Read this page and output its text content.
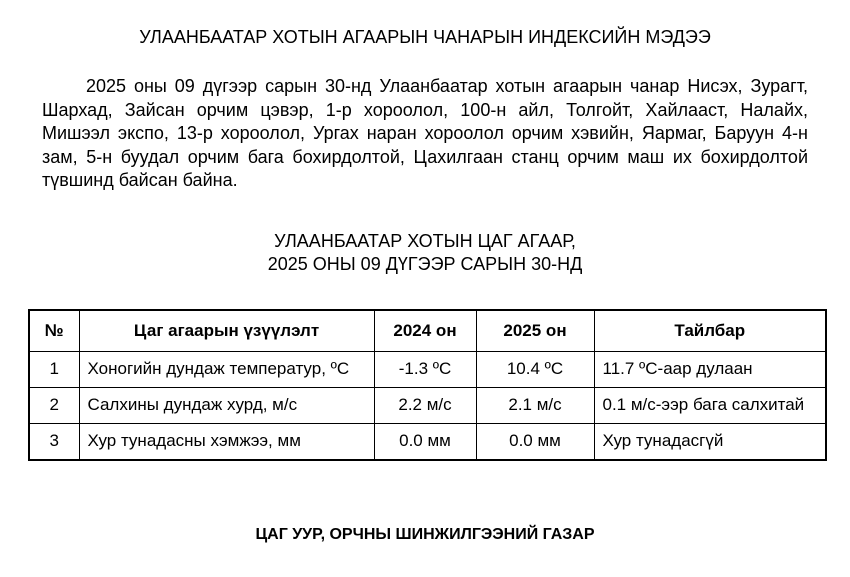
УЛААНБААТАР ХОТЫН АГААРЫН ЧАНАРЫН ИНДЕКСИЙН МЭДЭЭ
2025 оны 09 дүгээр сарын 30-нд Улаанбаатар хотын агаарын чанар Нисэх, Зурагт, Шархад, Зайсан орчим цэвэр, 1-р хороолол, 100-н айл, Толгойт, Хайлааст, Налайх, Мишээл экспо, 13-р хороолол, Ургах наран хороолол орчим хэвийн, Яармаг, Баруун 4-н зам, 5-н буудал орчим бага бохирдолтой, Цахилгаан станц орчим маш их бохирдолтой түвшинд байсан байна.
УЛААНБААТАР ХОТЫН ЦАГ АГААР,
2025 ОНЫ 09 ДҮГЭЭР САРЫН 30-НД
№	Цаг агаарын үзүүлэлт	2024 он	2025 он	Тайлбар
1	Хоногийн дундаж температур, ºС	-1.3 ºС	10.4 ºС	11.7 ºС-аар дулаан
2	Салхины дундаж хурд, м/с	2.2 м/с	2.1 м/с	0.1 м/с-ээр бага салхитай
3	Хур тунадасны хэмжээ, мм	0.0 мм	0.0 мм	Хур тунадасгүй
ЦАГ УУР, ОРЧНЫ ШИНЖИЛГЭЭНИЙ ГАЗАР
